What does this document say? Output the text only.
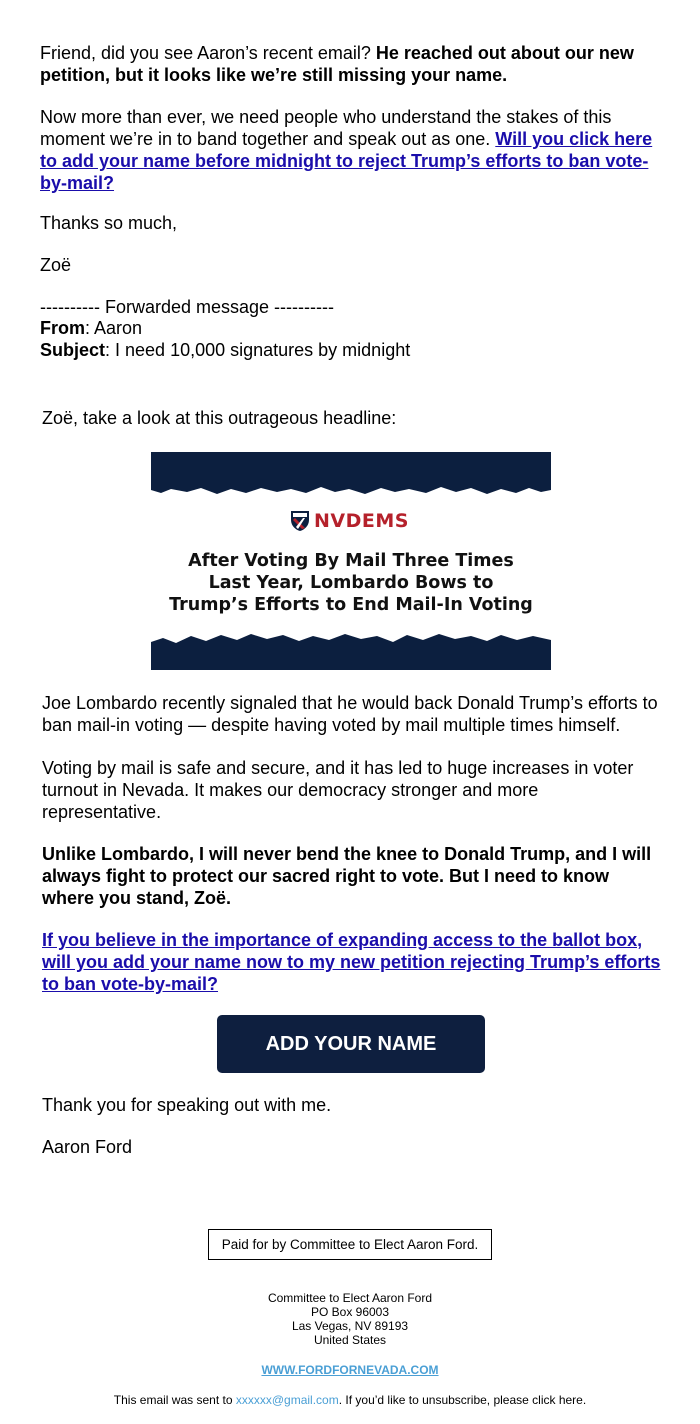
Friend, did you see Aaron’s recent email? He reached out about our new petition, but it looks like we’re still missing your name.

Now more than ever, we need people who understand the stakes of this moment we’re in to band together and speak out as one. Will you click here to add your name before midnight to reject Trump’s efforts to ban vote-by-mail?

Thanks so much,

Zoë

---------- Forwarded message ----------

From: Aaron

Subject: I need 10,000 signatures by midnight

Zoë, take a look at this outrageous headline:

NVDEMS
After Voting By Mail Three Times
Last Year, Lombardo Bows to
Trump’s Efforts to End Mail-In Voting

Joe Lombardo recently signaled that he would back Donald Trump’s efforts to ban mail-in voting — despite having voted by mail multiple times himself.

Voting by mail is safe and secure, and it has led to huge increases in voter turnout in Nevada. It makes our democracy stronger and more representative.

Unlike Lombardo, I will never bend the knee to Donald Trump, and I will always fight to protect our sacred right to vote. But I need to know where you stand, Zoë.

If you believe in the importance of expanding access to the ballot box, will you add your name now to my new petition rejecting Trump’s efforts to ban vote-by-mail?

ADD YOUR NAME

Thank you for speaking out with me.

Aaron Ford

Paid for by Committee to Elect Aaron Ford.
Committee to Elect Aaron Ford
PO Box 96003
Las Vegas, NV 89193
United States
WWW.FORDFORNEVADA.COM
This email was sent to xxxxxx@gmail.com. If you’d like to unsubscribe, please click here.
